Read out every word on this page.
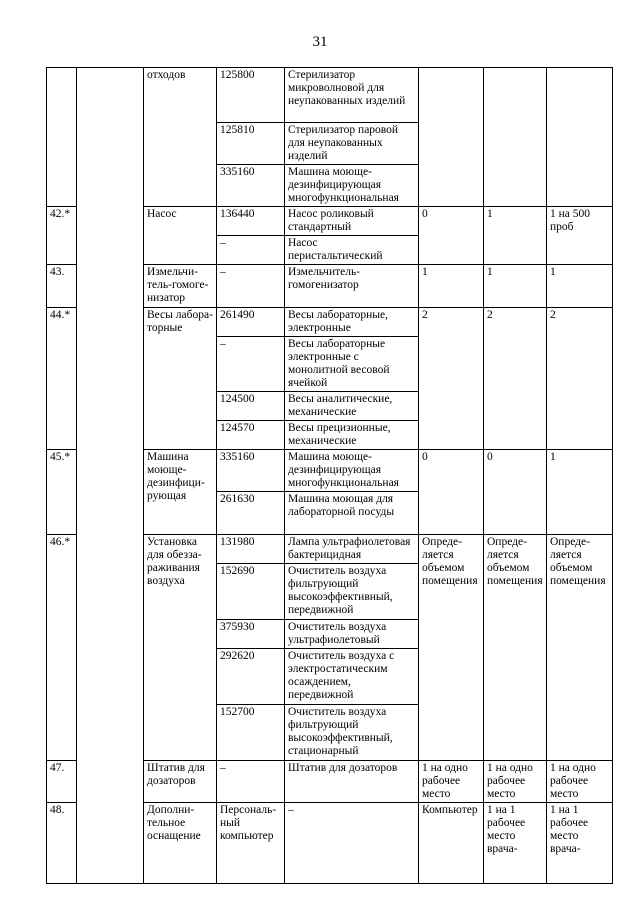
31
		отходов	125800	Стерилизатор микроволновой для неупакованных изделий				
			125810	Стерилизатор паровой для неупакованных изделий				
			335160	Машина моюще-дезинфицирующая многофункциональная				
42.*		Насос	136440	Насос роликовый стандартный	0	1	1 на 500 проб	
			–	Насос перистальтический				
43.		Измельчи-тель-гомоге-низатор	–	Измельчитель-гомогенизатор	1	1	1	
44.*		Весы лабора-торные	261490	Весы лабораторные, электронные	2	2	2	
			–	Весы лабораторные электронные с монолитной весовой ячейкой				
			124500	Весы аналитические, механические				
			124570	Весы прецизионные, механические				
45.*		Машина моюще-дезинфици-рующая	335160	Машина моюще-дезинфицирующая многофункциональная	0	0	1	
			261630	Машина моющая для лабораторной посуды				
46.*		Установка для обезза-раживания воздуха	131980	Лампа ультрафиолетовая бактерицидная	Опреде-ляется объемом помещения	Опреде-ляется объемом помещения	Опреде-ляется объемом помещения	
			152690	Очиститель воздуха фильтрующий высокоэффективный, передвижной				
			375930	Очиститель воздуха ультрафиолетовый				
			292620	Очиститель воздуха с электростатическим осаждением, передвижной				
			152700	Очиститель воздуха фильтрующий высокоэффективный, стационарный				
47.		Штатив для дозаторов	–	Штатив для дозаторов	1 на одно рабочее место	1 на одно рабочее место	1 на одно рабочее место	
48.		Дополни-тельное оснащение	Персональ-ный компьютер	–	Компьютер	1 на 1 рабочее место врача-	1 на 1 рабочее место врача-	
